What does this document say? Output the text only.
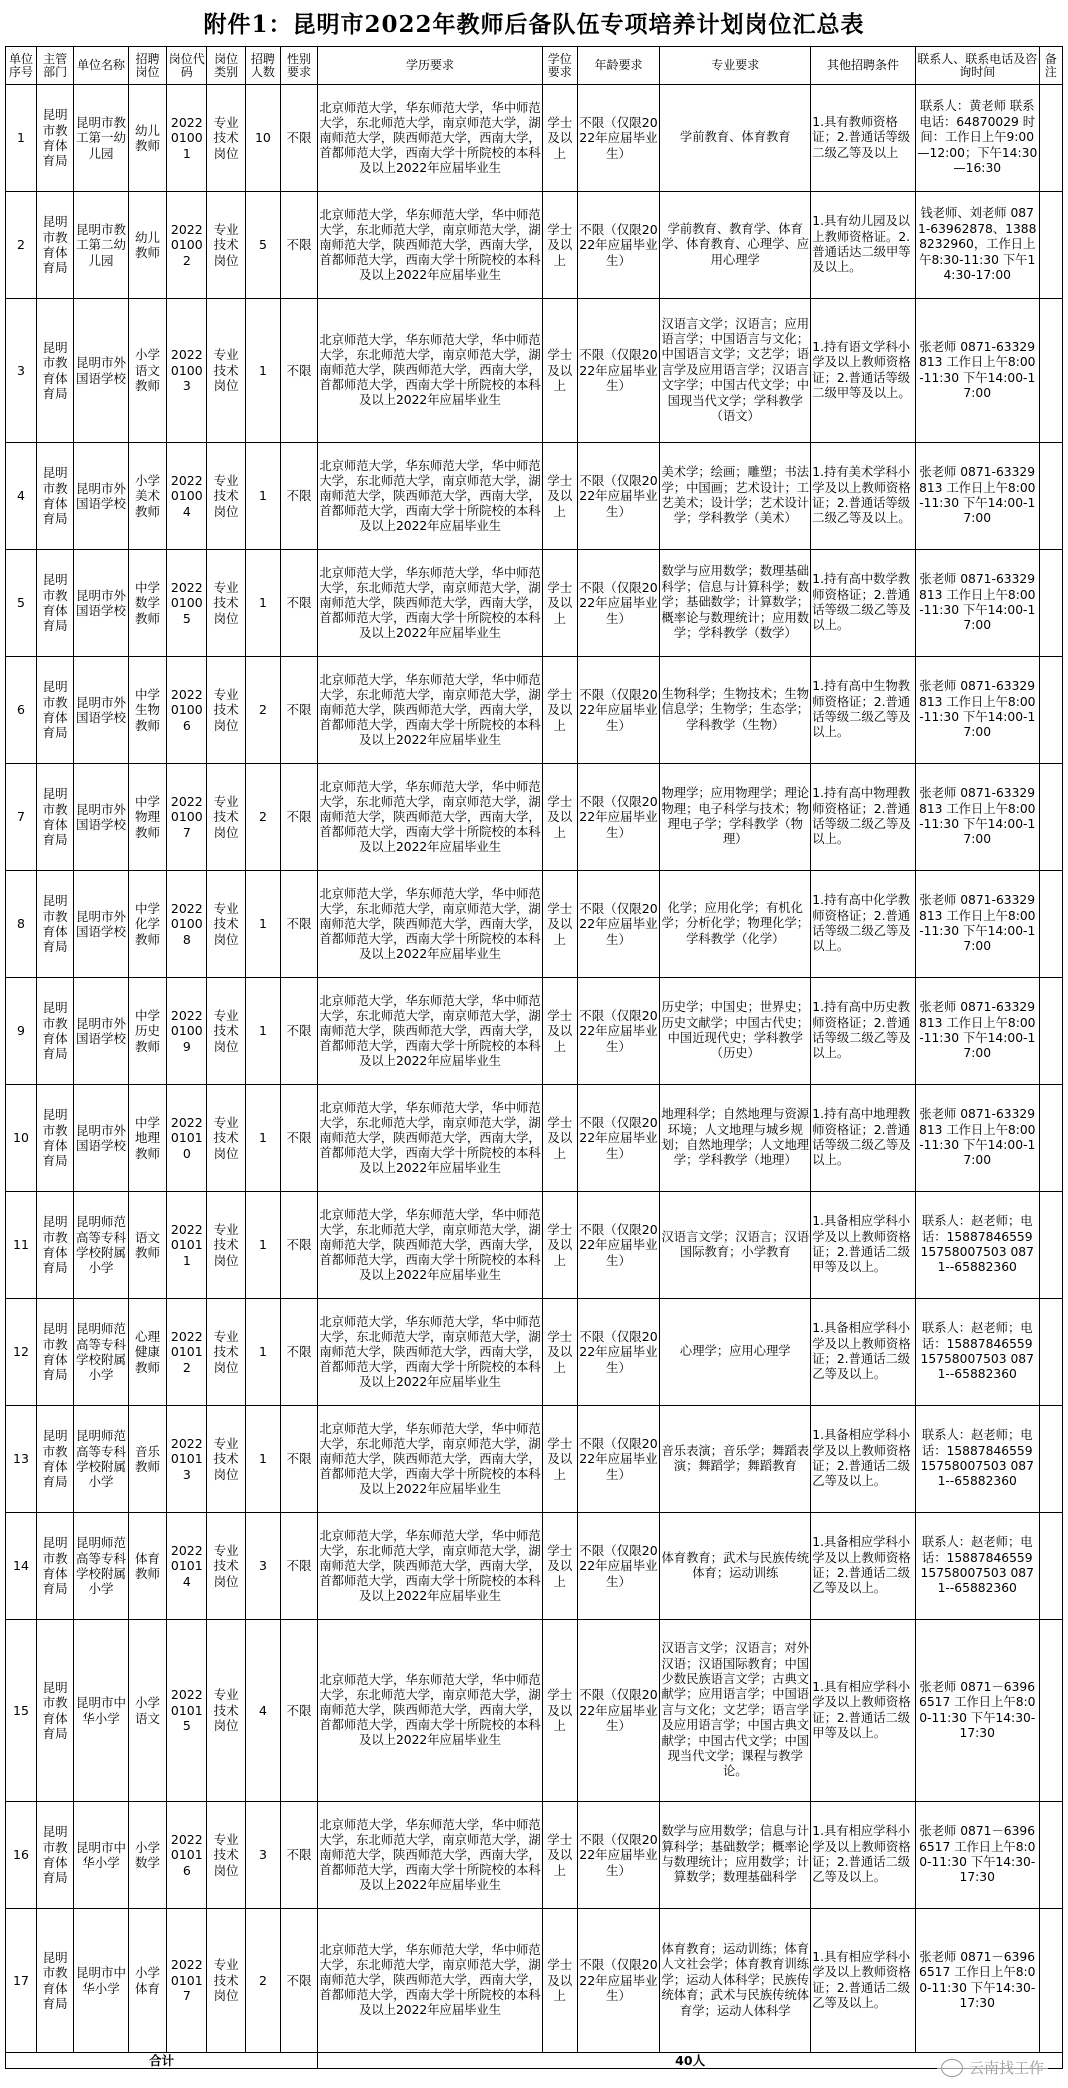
附件1：昆明市2022年教师后备队伍专项培养计划岗位汇总表
单位序号	主管部门	单位名称	招聘岗位	岗位代码	岗位类别	招聘人数	性别要求	学历要求	学位要求	年龄要求	专业要求	其他招聘条件	联系人、联系电话及咨询时间	备注
1	昆明市教育体育局	昆明市教工第一幼儿园	幼儿教师	202201001	专业技术岗位	10	不限	北京师范大学，华东师范大学，华中师范大学，东北师范大学，南京师范大学，湖南师范大学，陕西师范大学，西南大学，首都师范大学，西南大学十所院校的本科及以上2022年应届毕业生	学士及以上	不限（仅限2022年应届毕业生）	学前教育、体育教育	1.具有教师资格证；2.普通话等级二级乙等及以上	联系人：黄老师 联系电话：64870029 时间：工作日上午9:00—12:00；下午14:30—16:30	
2	昆明市教育体育局	昆明市教工第二幼儿园	幼儿教师	202201002	专业技术岗位	5	不限	北京师范大学，华东师范大学，华中师范大学，东北师范大学，南京师范大学，湖南师范大学，陕西师范大学，西南大学，首都师范大学，西南大学十所院校的本科及以上2022年应届毕业生	学士及以上	不限（仅限2022年应届毕业生）	学前教育、教育学、体育学、体育教育、心理学、应用心理学	1.具有幼儿园及以上教师资格证。2.普通话达二级甲等及以上。	钱老师、刘老师 0871-63962878、13888232960，工作日上午8:30-11:30 下午14:30-17:00	
3	昆明市教育体育局	昆明市外国语学校	小学语文教师	202201003	专业技术岗位	1	不限	北京师范大学，华东师范大学，华中师范大学，东北师范大学，南京师范大学，湖南师范大学，陕西师范大学，西南大学，首都师范大学，西南大学十所院校的本科及以上2022年应届毕业生	学士及以上	不限（仅限2022年应届毕业生）	汉语言文学；汉语言；应用语言学；中国语言与文化；中国语言文学；文艺学；语言学及应用语言学；汉语言文字学；中国古代文学；中国现当代文学；学科教学（语文）	1.持有语文学科小学及以上教师资格证；2.普通话等级二级甲等及以上。	张老师 0871-63329813 工作日上午8:00-11:30 下午14:00-17:00	
4	昆明市教育体育局	昆明市外国语学校	小学美术教师	202201004	专业技术岗位	1	不限	北京师范大学，华东师范大学，华中师范大学，东北师范大学，南京师范大学，湖南师范大学，陕西师范大学，西南大学，首都师范大学，西南大学十所院校的本科及以上2022年应届毕业生	学士及以上	不限（仅限2022年应届毕业生）	美术学；绘画；雕塑；书法学；中国画；艺术设计；工艺美术；设计学；艺术设计学；学科教学（美术）	1.持有美术学科小学及以上教师资格证；2.普通话等级二级乙等及以上。	张老师 0871-63329813 工作日上午8:00-11:30 下午14:00-17:00	
5	昆明市教育体育局	昆明市外国语学校	中学数学教师	202201005	专业技术岗位	1	不限	北京师范大学，华东师范大学，华中师范大学，东北师范大学，南京师范大学，湖南师范大学，陕西师范大学，西南大学，首都师范大学，西南大学十所院校的本科及以上2022年应届毕业生	学士及以上	不限（仅限2022年应届毕业生）	数学与应用数学；数理基础科学；信息与计算科学；数学；基础数学；计算数学；概率论与数理统计；应用数学；学科教学（数学）	1.持有高中数学教师资格证；2.普通话等级二级乙等及以上。	张老师 0871-63329813 工作日上午8:00-11:30 下午14:00-17:00	
6	昆明市教育体育局	昆明市外国语学校	中学生物教师	202201006	专业技术岗位	2	不限	北京师范大学，华东师范大学，华中师范大学，东北师范大学，南京师范大学，湖南师范大学，陕西师范大学，西南大学，首都师范大学，西南大学十所院校的本科及以上2022年应届毕业生	学士及以上	不限（仅限2022年应届毕业生）	生物科学；生物技术；生物信息学；生物学；生态学；学科教学（生物）	1.持有高中生物教师资格证；2.普通话等级二级乙等及以上。	张老师 0871-63329813 工作日上午8:00-11:30 下午14:00-17:00	
7	昆明市教育体育局	昆明市外国语学校	中学物理教师	202201007	专业技术岗位	2	不限	北京师范大学，华东师范大学，华中师范大学，东北师范大学，南京师范大学，湖南师范大学，陕西师范大学，西南大学，首都师范大学，西南大学十所院校的本科及以上2022年应届毕业生	学士及以上	不限（仅限2022年应届毕业生）	物理学；应用物理学；理论物理；电子科学与技术；物理电子学；学科教学（物理）	1.持有高中物理教师资格证；2.普通话等级二级乙等及以上。	张老师 0871-63329813 工作日上午8:00-11:30 下午14:00-17:00	
8	昆明市教育体育局	昆明市外国语学校	中学化学教师	202201008	专业技术岗位	1	不限	北京师范大学，华东师范大学，华中师范大学，东北师范大学，南京师范大学，湖南师范大学，陕西师范大学，西南大学，首都师范大学，西南大学十所院校的本科及以上2022年应届毕业生	学士及以上	不限（仅限2022年应届毕业生）	化学；应用化学；有机化学；分析化学；物理化学；学科教学（化学）	1.持有高中化学教师资格证；2.普通话等级二级乙等及以上。	张老师 0871-63329813 工作日上午8:00-11:30 下午14:00-17:00	
9	昆明市教育体育局	昆明市外国语学校	中学历史教师	202201009	专业技术岗位	1	不限	北京师范大学，华东师范大学，华中师范大学，东北师范大学，南京师范大学，湖南师范大学，陕西师范大学，西南大学，首都师范大学，西南大学十所院校的本科及以上2022年应届毕业生	学士及以上	不限（仅限2022年应届毕业生）	历史学；中国史；世界史；历史文献学；中国古代史；中国近现代史；学科教学（历史）	1.持有高中历史教师资格证；2.普通话等级二级乙等及以上。	张老师 0871-63329813 工作日上午8:00-11:30 下午14:00-17:00	
10	昆明市教育体育局	昆明市外国语学校	中学地理教师	202201010	专业技术岗位	1	不限	北京师范大学，华东师范大学，华中师范大学，东北师范大学，南京师范大学，湖南师范大学，陕西师范大学，西南大学，首都师范大学，西南大学十所院校的本科及以上2022年应届毕业生	学士及以上	不限（仅限2022年应届毕业生）	地理科学；自然地理与资源环境；人文地理与城乡规划；自然地理学；人文地理学；学科教学（地理）	1.持有高中地理教师资格证；2.普通话等级二级乙等及以上。	张老师 0871-63329813 工作日上午8:00-11:30 下午14:00-17:00	
11	昆明市教育体育局	昆明师范高等专科学校附属小学	语文教师	202201011	专业技术岗位	1	不限	北京师范大学，华东师范大学，华中师范大学，东北师范大学，南京师范大学，湖南师范大学，陕西师范大学，西南大学，首都师范大学，西南大学十所院校的本科及以上2022年应届毕业生	学士及以上	不限（仅限2022年应届毕业生）	汉语言文学；汉语言；汉语国际教育；小学教育	1.具备相应学科小学及以上教师资格证；2.普通话二级甲等及以上。	联系人：赵老师；电话：15887846559 15758007503 0871--65882360	
12	昆明市教育体育局	昆明师范高等专科学校附属小学	心理健康教师	202201012	专业技术岗位	1	不限	北京师范大学，华东师范大学，华中师范大学，东北师范大学，南京师范大学，湖南师范大学，陕西师范大学，西南大学，首都师范大学，西南大学十所院校的本科及以上2022年应届毕业生	学士及以上	不限（仅限2022年应届毕业生）	心理学；应用心理学	1.具备相应学科小学及以上教师资格证；2.普通话二级乙等及以上。	联系人：赵老师；电话：15887846559 15758007503 0871--65882360	
13	昆明市教育体育局	昆明师范高等专科学校附属小学	音乐教师	202201013	专业技术岗位	1	不限	北京师范大学，华东师范大学，华中师范大学，东北师范大学，南京师范大学，湖南师范大学，陕西师范大学，西南大学，首都师范大学，西南大学十所院校的本科及以上2022年应届毕业生	学士及以上	不限（仅限2022年应届毕业生）	音乐表演；音乐学；舞蹈表演；舞蹈学；舞蹈教育	1.具备相应学科小学及以上教师资格证；2.普通话二级乙等及以上。	联系人：赵老师；电话：15887846559 15758007503 0871--65882360	
14	昆明市教育体育局	昆明师范高等专科学校附属小学	体育教师	202201014	专业技术岗位	3	不限	北京师范大学，华东师范大学，华中师范大学，东北师范大学，南京师范大学，湖南师范大学，陕西师范大学，西南大学，首都师范大学，西南大学十所院校的本科及以上2022年应届毕业生	学士及以上	不限（仅限2022年应届毕业生）	体育教育；武术与民族传统体育；运动训练	1.具备相应学科小学及以上教师资格证；2.普通话二级乙等及以上。	联系人：赵老师；电话：15887846559 15758007503 0871--65882360	
15	昆明市教育体育局	昆明市中华小学	小学语文	202201015	专业技术岗位	4	不限	北京师范大学，华东师范大学，华中师范大学，东北师范大学，南京师范大学，湖南师范大学，陕西师范大学，西南大学，首都师范大学，西南大学十所院校的本科及以上2022年应届毕业生	学士及以上	不限（仅限2022年应届毕业生）	汉语言文学；汉语言；对外汉语；汉语国际教育；中国少数民族语言文学；古典文献学；应用语言学；中国语言与文化；文艺学；语言学及应用语言学；中国古典文献学；中国古代文学；中国现当代文学；课程与教学论。	1.具有相应学科小学及以上教师资格证；2.普通话二级甲等及以上。	张老师 0871－63966517 工作日上午8:00-11:30 下午14:30-17:30	
16	昆明市教育体育局	昆明市中华小学	小学数学	202201016	专业技术岗位	3	不限	北京师范大学，华东师范大学，华中师范大学，东北师范大学，南京师范大学，湖南师范大学，陕西师范大学，西南大学，首都师范大学，西南大学十所院校的本科及以上2022年应届毕业生	学士及以上	不限（仅限2022年应届毕业生）	数学与应用数学；信息与计算科学；基础数学；概率论与数理统计；应用数学；计算数学；数理基础科学	1.具有相应学科小学及以上教师资格证；2.普通话二级乙等及以上。	张老师 0871－63966517 工作日上午8:00-11:30 下午14:30-17:30	
17	昆明市教育体育局	昆明市中华小学	小学体育	202201017	专业技术岗位	2	不限	北京师范大学，华东师范大学，华中师范大学，东北师范大学，南京师范大学，湖南师范大学，陕西师范大学，西南大学，首都师范大学，西南大学十所院校的本科及以上2022年应届毕业生	学士及以上	不限（仅限2022年应届毕业生）	体育教育；运动训练；体育人文社会学；体育教育训练学；运动人体科学；民族传统体育；武术与民族传统体育学；运动人体科学	1.具有相应学科小学及以上教师资格证；2.普通话二级乙等及以上。	张老师 0871－63966517 工作日上午8:00-11:30 下午14:30-17:30	
合计								40人							云南找工作
